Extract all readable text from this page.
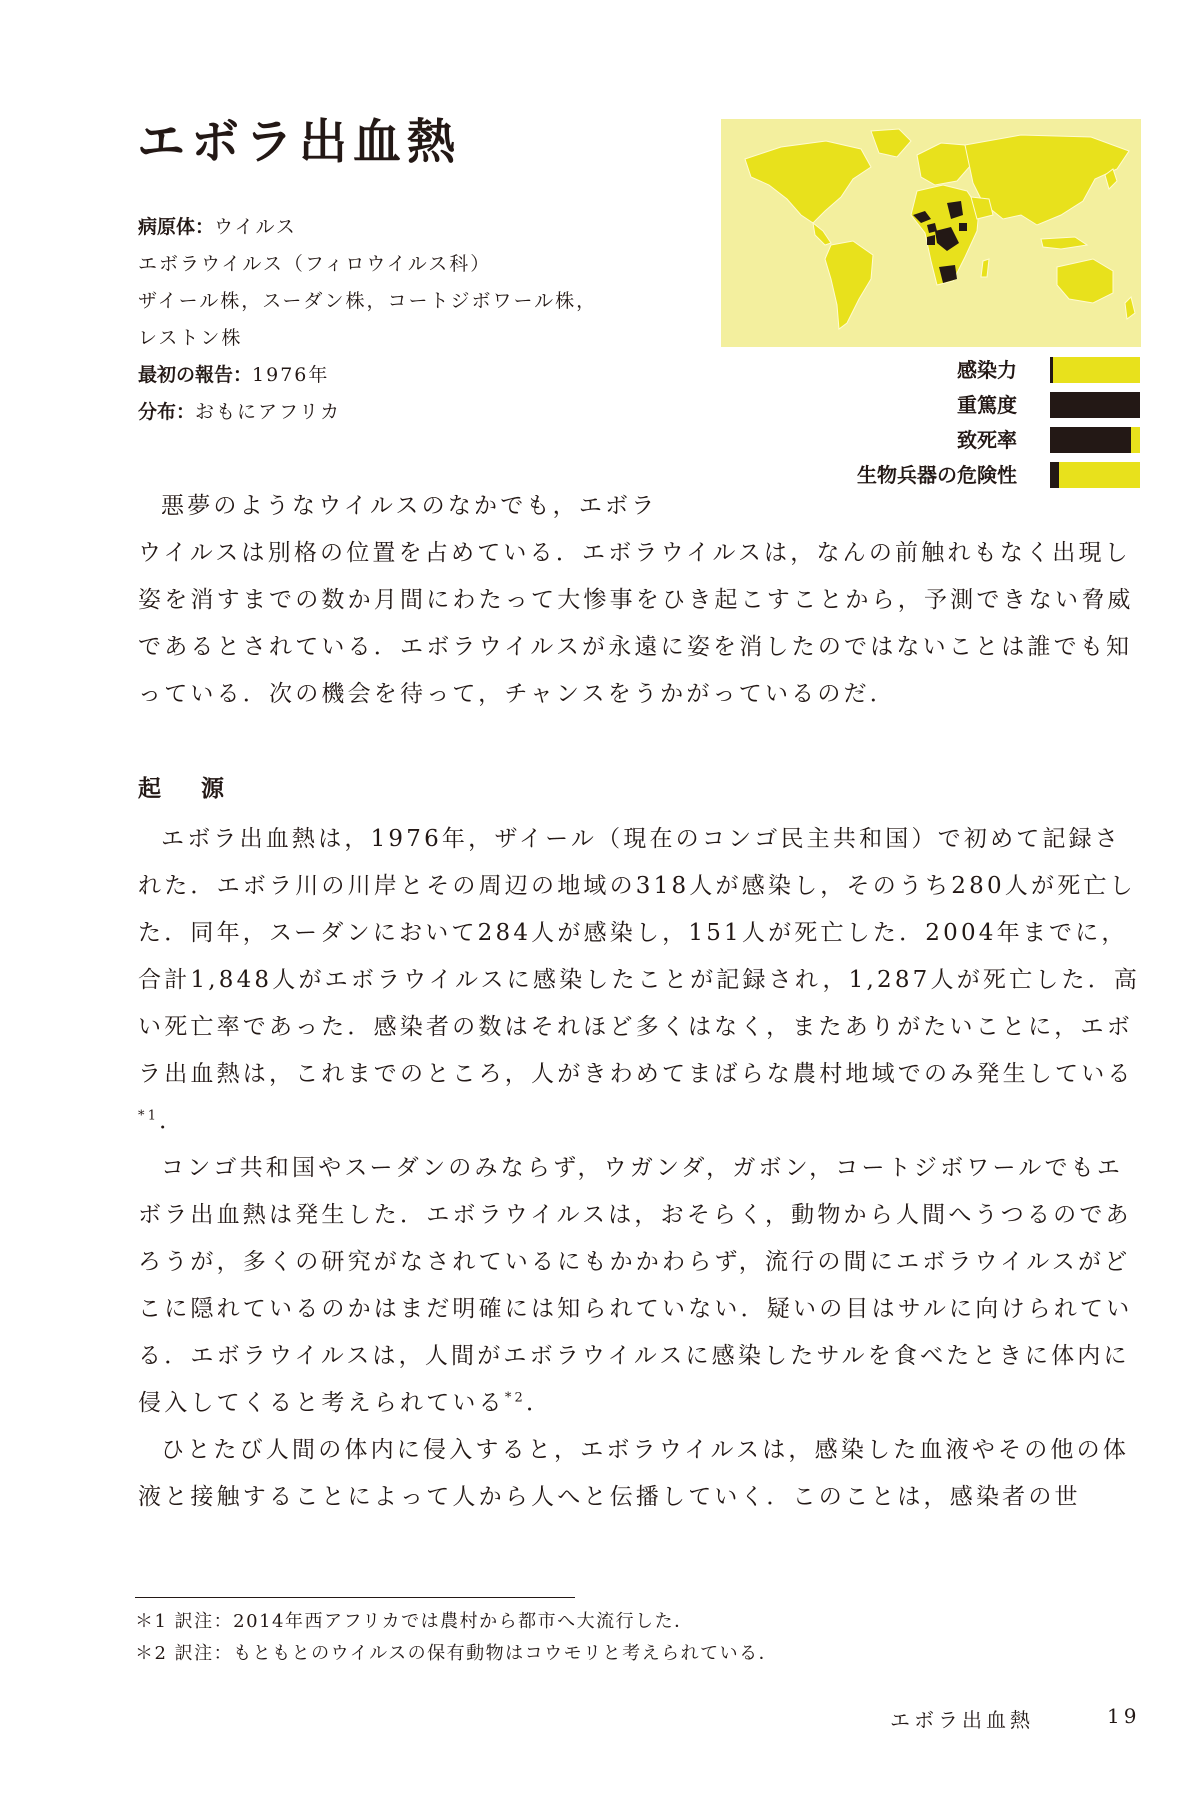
エボラ出血熱
病原体：ウイルス
エボラウイルス（フィロウイルス科）
ザイール株，スーダン株，コートジボワール株，
レストン株
最初の報告：1976年
分布：おもにアフリカ
感染力
重篤度
致死率
生物兵器の危険性

悪夢のようなウイルスのなかでも，エボラ

ウイルスは別格の位置を占めている．エボラウイルスは，なんの前触れもなく出現し姿を消すまでの数か月間にわたって大惨事をひき起こすことから，予測できない脅威であるとされている．エボラウイルスが永遠に姿を消したのではないことは誰でも知っている．次の機会を待って，チャンスをうかがっているのだ．

起 源

エボラ出血熱は，1976年，ザイール（現在のコンゴ民主共和国）で初めて記録された．エボラ川の川岸とその周辺の地域の318人が感染し，そのうち280人が死亡した．同年，スーダンにおいて284人が感染し，151人が死亡した．2004年までに，合計1,848人がエボラウイルスに感染したことが記録され，1,287人が死亡した．高い死亡率であった．感染者の数はそれほど多くはなく，またありがたいことに，エボラ出血熱は，これまでのところ，人がきわめてまばらな農村地域でのみ発生している$^{*1}$．

コンゴ共和国やスーダンのみならず，ウガンダ，ガボン，コートジボワールでもエボラ出血熱は発生した．エボラウイルスは，おそらく，動物から人間へうつるのであろうが，多くの研究がなされているにもかかわらず，流行の間にエボラウイルスがどこに隠れているのかはまだ明確には知られていない．疑いの目はサルに向けられている．エボラウイルスは，人間がエボラウイルスに感染したサルを食べたときに体内に侵入してくると考えられている$^{*2}$．

ひとたび人間の体内に侵入すると，エボラウイルスは，感染した血液やその他の体液と接触することによって人から人へと伝播していく．このことは，感染者の世

＊1 訳注：2014年西アフリカでは農村から都市へ大流行した．
＊2 訳注：もともとのウイルスの保有動物はコウモリと考えられている．
エボラ出血熱	19
